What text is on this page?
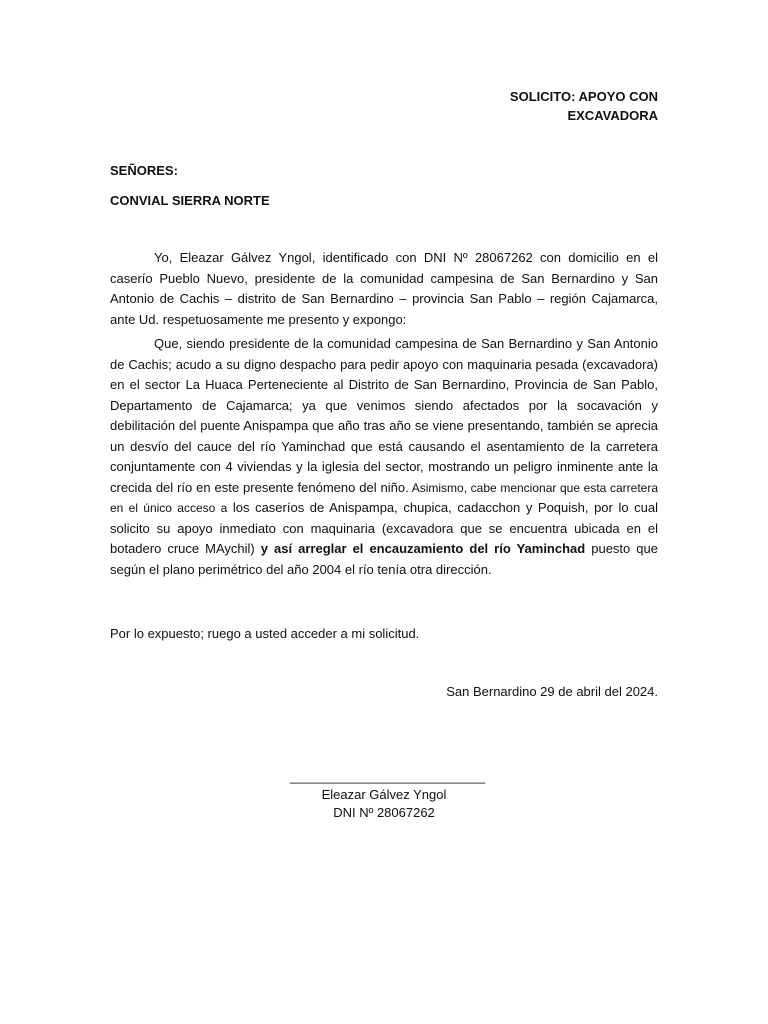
SOLICITO: APOYO CON
EXCAVADORA
SEÑORES:
CONVIAL SIERRA NORTE
Yo, Eleazar Gálvez Yngol, identificado con DNI Nº 28067262 con domicilio en el caserío Pueblo Nuevo, presidente de la comunidad campesina de San Bernardino y San Antonio de Cachis – distrito de San Bernardino – provincia San Pablo – región Cajamarca, ante Ud. respetuosamente me presento y expongo:
Que, siendo presidente de la comunidad campesina de San Bernardino y San Antonio de Cachis; acudo a su digno despacho para pedir apoyo con maquinaria pesada (excavadora) en el sector La Huaca Perteneciente al Distrito de San Bernardino, Provincia de San Pablo, Departamento de Cajamarca; ya que venimos siendo afectados por la socavación y debilitación del puente Anispampa que año tras año se viene presentando, también se aprecia un desvío del cauce del río Yaminchad que está causando el asentamiento de la carretera conjuntamente con 4 viviendas y la iglesia del sector, mostrando un peligro inminente ante la crecida del río en este presente fenómeno del niño. Asimismo, cabe mencionar que esta carretera en el único acceso a los caseríos de Anispampa, chupica, cadacchon y Poquish, por lo cual solicito su apoyo inmediato con maquinaria (excavadora que se encuentra ubicada en el botadero cruce MAychil) y así arreglar el encauzamiento del río Yaminchad puesto que según el plano perimétrico del año 2004 el río tenía otra dirección.
Por lo expuesto; ruego a usted acceder a mi solicitud.
San Bernardino 29 de abril del 2024.
___________________________
Eleazar Gálvez Yngol
DNI Nº 28067262
